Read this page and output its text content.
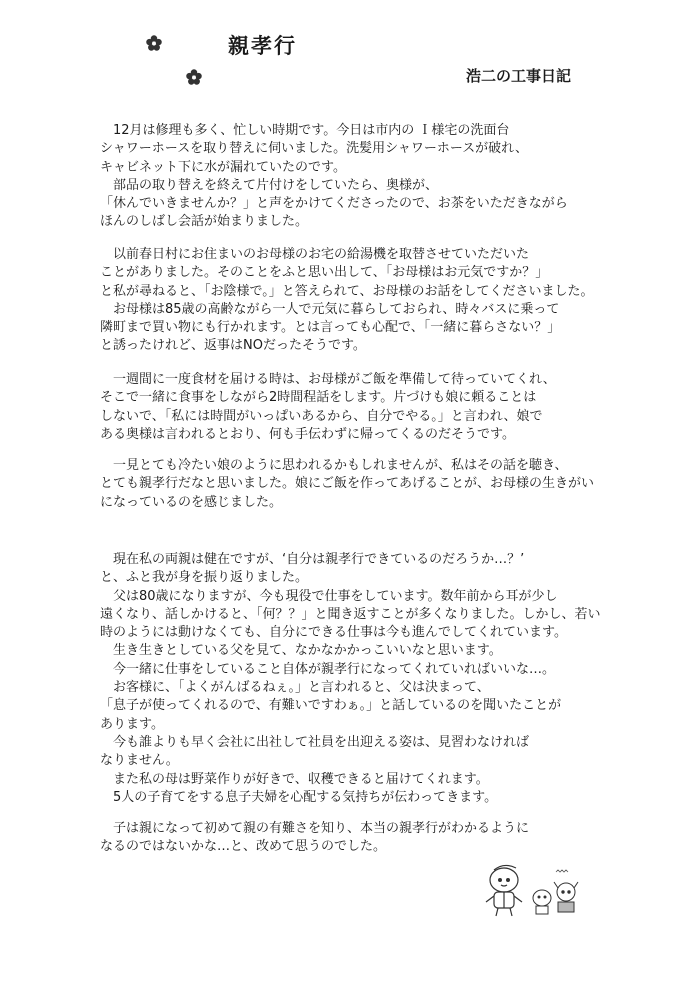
親孝行
浩二の工事日記

　12月は修理も多く、忙しい時期です。今日は市内の Ｉ様宅の洗面台
シャワーホースを取り替えに伺いました。洗髪用シャワーホースが破れ、
キャビネット下に水が漏れていたのです。
　部品の取り替えを終えて片付けをしていたら、奥様が、
「休んでいきませんか？」と声をかけてくださったので、お茶をいただきながら
ほんのしばし会話が始まりました。

　以前春日村にお住まいのお母様のお宅の給湯機を取替させていただいた
ことがありました。そのことをふと思い出して、「お母様はお元気ですか？」
と私が尋ねると、「お陰様で。」と答えられて、お母様のお話をしてくださいました。
　お母様は85歳の高齢ながら一人で元気に暮らしておられ、時々バスに乗って
隣町まで買い物にも行かれます。とは言っても心配で、「一緒に暮らさない？」
と誘ったけれど、返事はNOだったそうです。

　一週間に一度食材を届ける時は、お母様がご飯を準備して待っていてくれ、
そこで一緒に食事をしながら2時間程話をします。片づけも娘に頼ることは
しないで、「私には時間がいっぱいあるから、自分でやる。」と言われ、娘で
ある奥様は言われるとおり、何も手伝わずに帰ってくるのだそうです。

　一見とても冷たい娘のように思われるかもしれませんが、私はその話を聴き、
とても親孝行だなと思いました。娘にご飯を作ってあげることが、お母様の生きがい
になっているのを感じました。

　現在私の両親は健在ですが、‘自分は親孝行できているのだろうか…？’
と、ふと我が身を振り返りました。
　父は80歳になりますが、今も現役で仕事をしています。数年前から耳が少し
遠くなり、話しかけると、「何？？」と聞き返すことが多くなりました。しかし、若い
時のようには動けなくても、自分にできる仕事は今も進んでしてくれています。
　生き生きとしている父を見て、なかなかかっこいいなと思います。
　今一緒に仕事をしていること自体が親孝行になってくれていればいいな…。
　お客様に、「よくがんばるねぇ。」と言われると、父は決まって、
「息子が使ってくれるので、有難いですわぁ。」と話しているのを聞いたことが
あります。
　今も誰よりも早く会社に出社して社員を出迎える姿は、見習わなければ
なりません。
　また私の母は野菜作りが好きで、収穫できると届けてくれます。
　5人の子育てをする息子夫婦を心配する気持ちが伝わってきます。

　子は親になって初めて親の有難さを知り、本当の親孝行がわかるように
なるのではないかな…と、改めて思うのでした。
